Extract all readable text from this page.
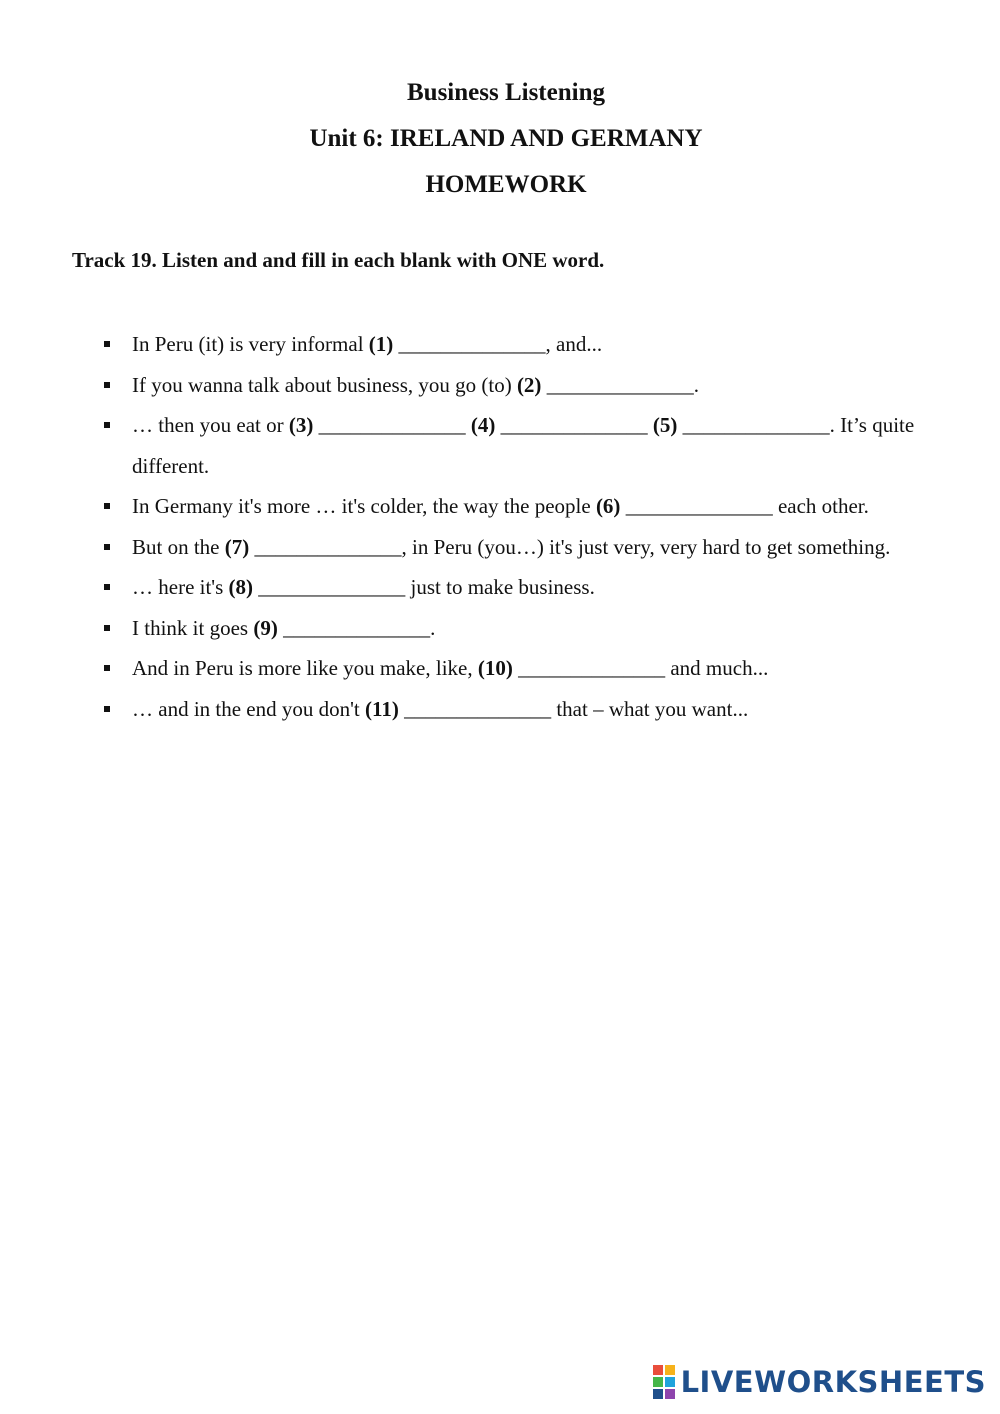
Business Listening

Unit 6: IRELAND AND GERMANY

HOMEWORK

Track 19. Listen and and fill in each blank with ONE word.

In Peru (it) is very informal (1) ______________, and...
If you wanna talk about business, you go (to) (2) ______________.
… then you eat or (3) ______________ (4) ______________ (5) ______________. It’s quite different.
In Germany it's more … it's colder, the way the people (6) ______________ each other.
But on the (7) ______________, in Peru (you…) it's just very, very hard to get something.
… here it's (8) ______________ just to make business.
I think it goes (9) ______________.
And in Peru is more like you make, like, (10) ______________ and much...
… and in the end you don't (11) ______________ that – what you want...
LIVEWORKSHEETS
